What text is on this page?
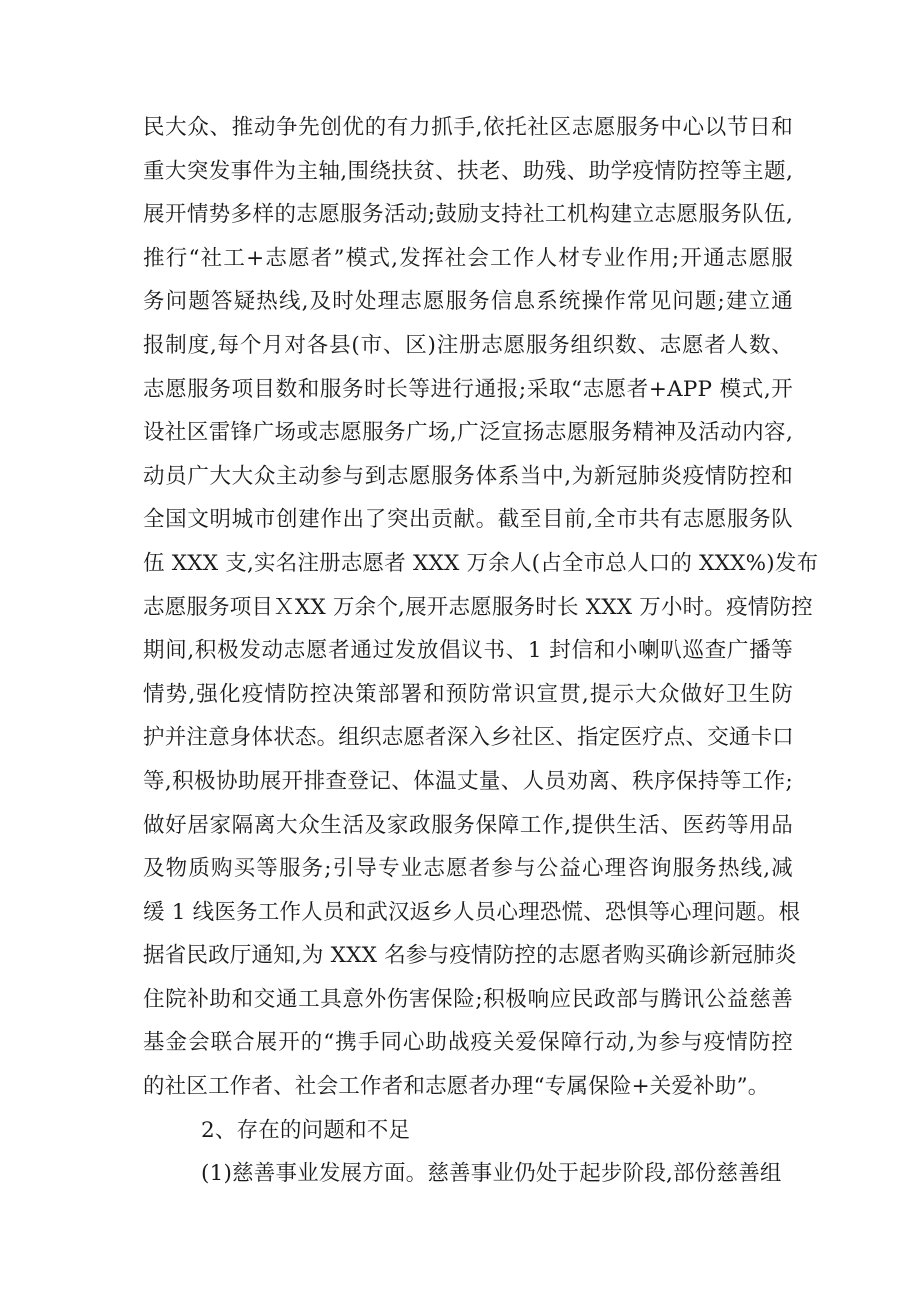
民大众、推动争先创优的有力抓手,依托社区志愿服务中心以节日和
重大突发事件为主轴,围绕扶贫、扶老、助残、助学疫情防控等主题,
展开情势多样的志愿服务活动;鼓励支持社工机构建立志愿服务队伍,
推行“社工+志愿者”模式,发挥社会工作人材专业作用;开通志愿服
务问题答疑热线,及时处理志愿服务信息系统操作常见问题;建立通
报制度,每个月对各县(市、区)注册志愿服务组织数、志愿者人数、
志愿服务项目数和服务时长等进行通报;采取“志愿者+APP 模式,开
设社区雷锋广场或志愿服务广场,广泛宣扬志愿服务精神及活动内容,
动员广大大众主动参与到志愿服务体系当中,为新冠肺炎疫情防控和
全国文明城市创建作出了突出贡献。截至目前,全市共有志愿服务队
伍 XXX 支,实名注册志愿者 XXX 万余人(占全市总人口的 XXX%)发布
志愿服务项目ＸXX 万余个,展开志愿服务时长 XXX 万小时。疫情防控
期间,积极发动志愿者通过发放倡议书、1 封信和小喇叭巡查广播等
情势,强化疫情防控决策部署和预防常识宣贯,提示大众做好卫生防
护并注意身体状态。组织志愿者深入乡社区、指定医疗点、交通卡口
等,积极协助展开排查登记、体温丈量、人员劝离、秩序保持等工作;
做好居家隔离大众生活及家政服务保障工作,提供生活、医药等用品
及物质购买等服务;引导专业志愿者参与公益心理咨询服务热线,减
缓 1 线医务工作人员和武汉返乡人员心理恐慌、恐惧等心理问题。根
据省民政厅通知,为 XXX 名参与疫情防控的志愿者购买确诊新冠肺炎
住院补助和交通工具意外伤害保险;积极响应民政部与腾讯公益慈善
基金会联合展开的“携手同心助战疫关爱保障行动,为参与疫情防控
的社区工作者、社会工作者和志愿者办理“专属保险+关爱补助”。
2、存在的问题和不足
(1)慈善事业发展方面。慈善事业仍处于起步阶段,部份慈善组
